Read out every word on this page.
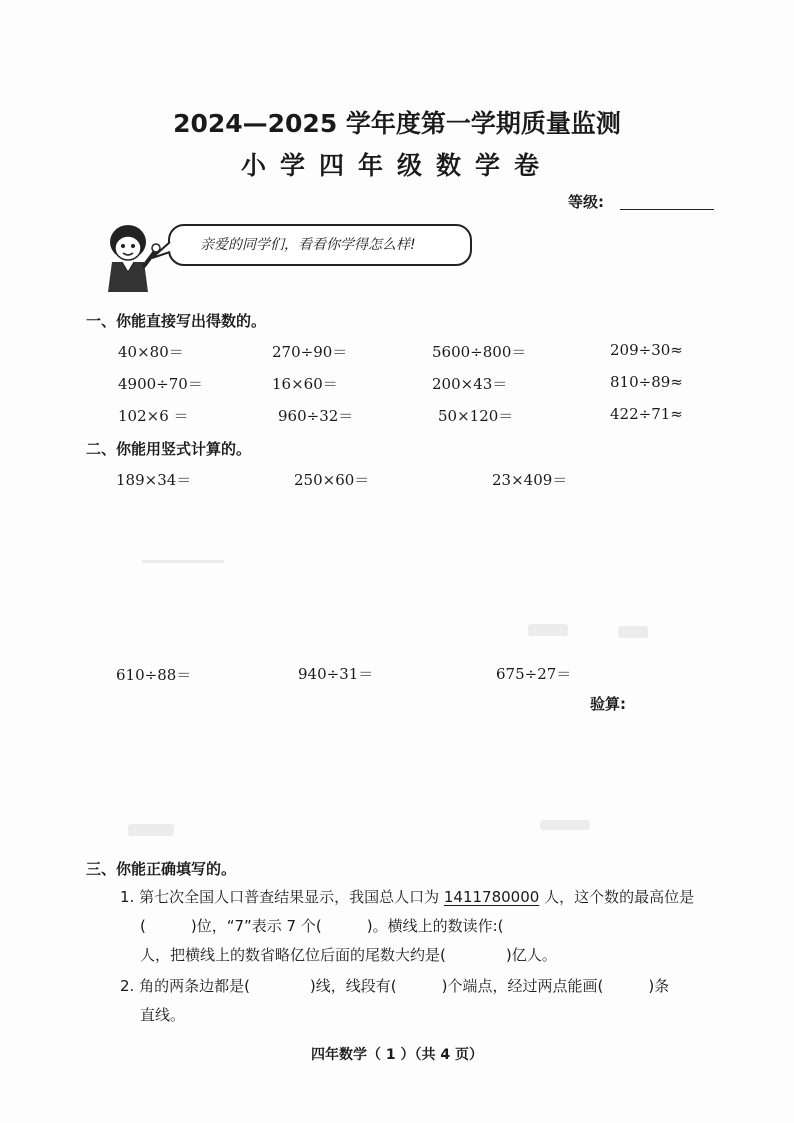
2024—2025 学年度第一学期质量监测
小学四年级数学卷
等级:
亲爱的同学们，看看你学得怎么样!
一、你能直接写出得数的。
40×80＝	270÷90＝	5600÷800＝	209÷30≈
4900÷70＝	16×60＝	200×43＝	810÷89≈
102×6 ＝	960÷32＝	50×120＝	422÷71≈
二、你能用竖式计算的。
189×34＝	250×60＝	23×409＝
610÷88＝	940÷31＝	675÷27＝
验算:
三、你能正确填写的。
1. 第七次全国人口普查结果显示，我国总人口为 1411780000 人，这个数的最高位是
(　　　)位，“7”表示 7 个(　　　)。横线上的数读作:(
人，把横线上的数省略亿位后面的尾数大约是(　　　　)亿人。
2. 角的两条边都是(　　　　)线，线段有(　　　)个端点，经过两点能画(　　　)条
直线。
四年数学（ 1 ）（共 4 页）
